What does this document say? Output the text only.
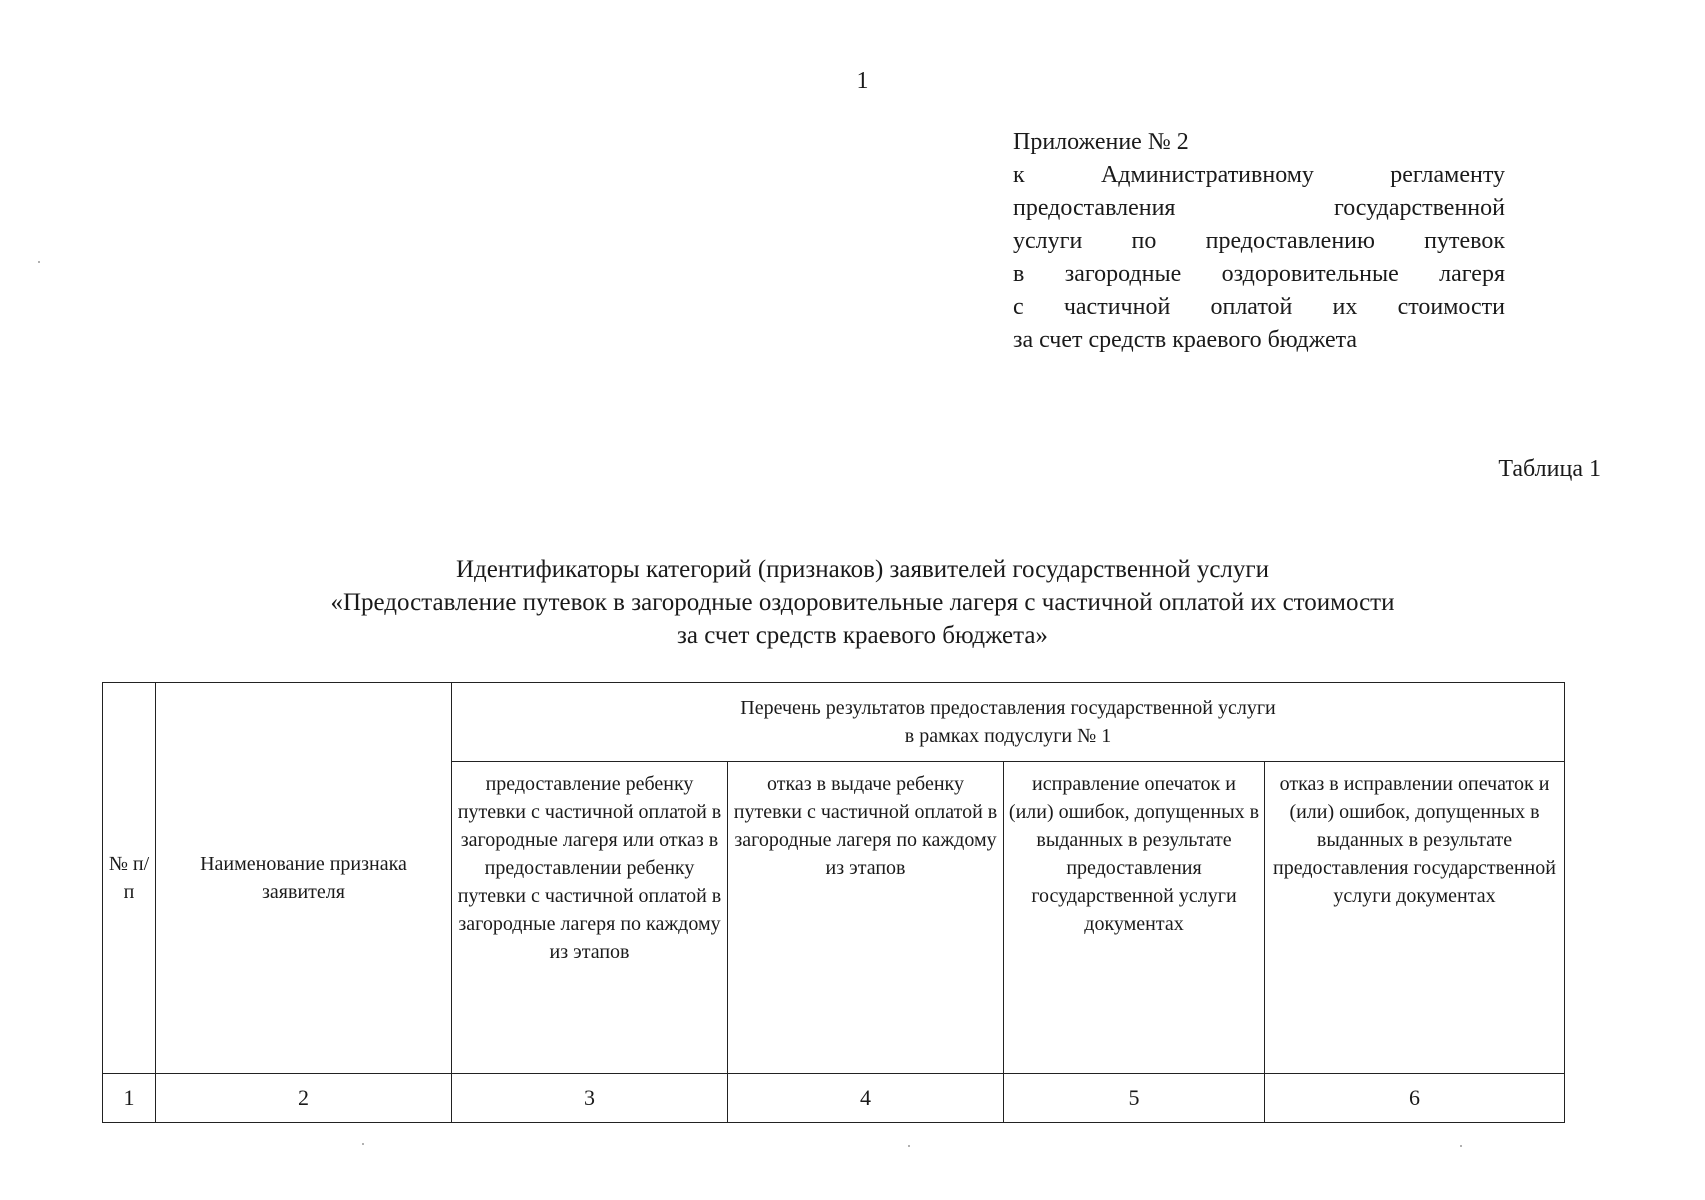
1
Приложение № 2
к Административному регламенту
предоставления государственной
услуги по предоставлению путевок
в загородные оздоровительные лагеря
с частичной оплатой их стоимости
за счет средств краевого бюджета
Таблица 1
Идентификаторы категорий (признаков) заявителей государственной услуги
«Предоставление путевок в загородные оздоровительные лагеря с частичной оплатой их стоимости
за счет средств краевого бюджета»
№ п/п	Наименование признака заявителя	Перечень результатов предоставления государственной услуги
в рамках подуслуги № 1			

		предоставление ребенку путевки с частичной оплатой в загородные лагеря или отказ в предоставлении ребенку путевки с частичной оплатой в загородные лагеря по каждому из этапов	отказ в выдаче ребенку путевки с частичной оплатой в загородные лагеря по каждому из этапов	исправление опечаток и (или) ошибок, допущенных в выданных в результате предоставления государственной услуги документах	отказ в исправлении опечаток и (или) ошибок, допущенных в выданных в результате предоставления государственной услуги документах
1	2	3	4	5	6
